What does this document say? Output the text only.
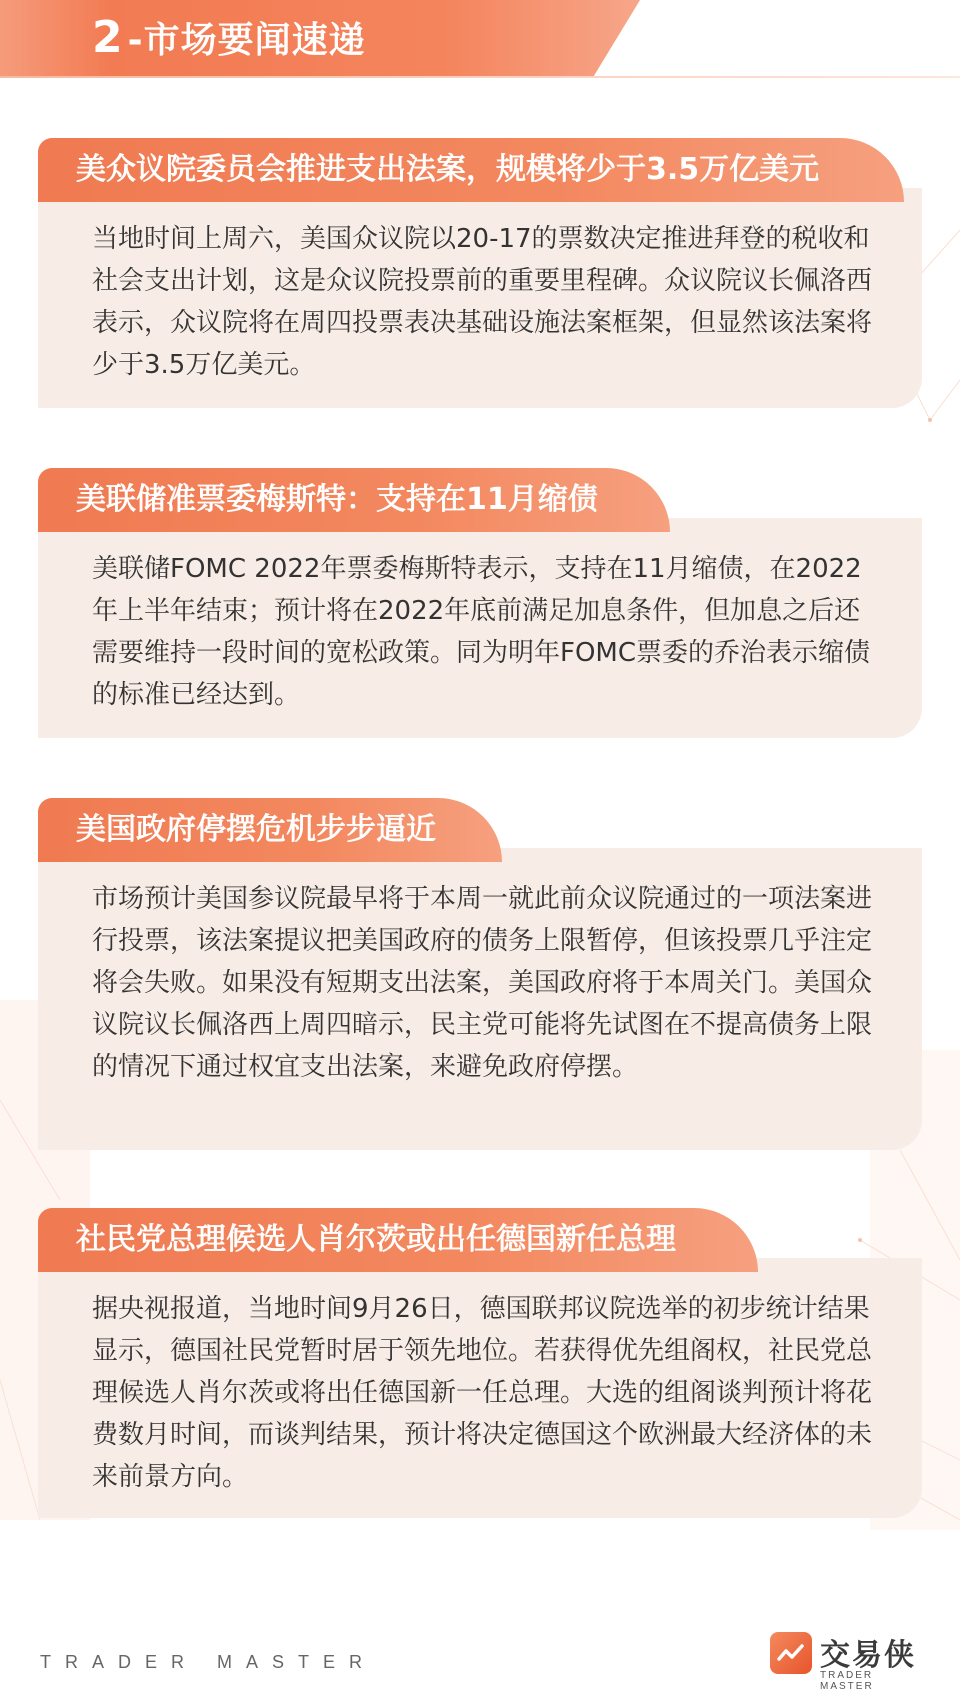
2 -市场要闻速递
美众议院委员会推进支出法案，规模将少于3.5万亿美元
当地时间上周六，美国众议院以20-17的票数决定推进拜登的税收和社会支出计划，这是众议院投票前的重要里程碑。众议院议长佩洛西表示，众议院将在周四投票表决基础设施法案框架，但显然该法案将少于3.5万亿美元。
美联储准票委梅斯特：支持在11月缩债
美联储FOMC 2022年票委梅斯特表示，支持在11月缩债，在2022年上半年结束；预计将在2022年底前满足加息条件，但加息之后还需要维持一段时间的宽松政策。同为明年FOMC票委的乔治表示缩债的标准已经达到。
美国政府停摆危机步步逼近
市场预计美国参议院最早将于本周一就此前众议院通过的一项法案进行投票，该法案提议把美国政府的债务上限暂停，但该投票几乎注定将会失败。如果没有短期支出法案，美国政府将于本周关门。美国众议院议长佩洛西上周四暗示，民主党可能将先试图在不提高债务上限的情况下通过权宜支出法案，来避免政府停摆。
社民党总理候选人肖尔茨或出任德国新任总理
据央视报道，当地时间9月26日，德国联邦议院选举的初步统计结果显示，德国社民党暂时居于领先地位。若获得优先组阁权，社民党总理候选人肖尔茨或将出任德国新一任总理。大选的组阁谈判预计将花费数月时间，而谈判结果，预计将决定德国这个欧洲最大经济体的未来前景方向。
TRADER MASTER	交易侠
TRADER MASTER
